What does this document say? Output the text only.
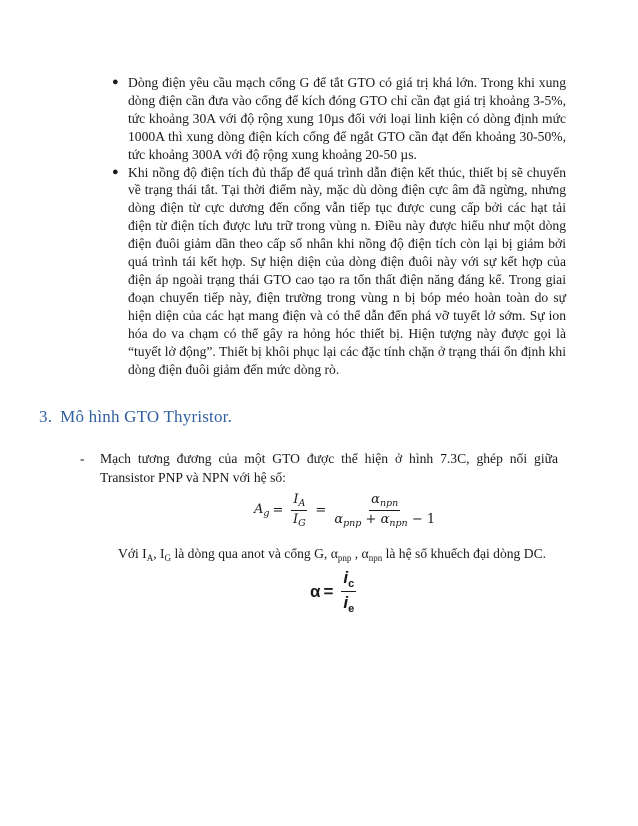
● Dòng điện yêu cầu mạch cổng G để tắt GTO có giá trị khá lớn. Trong khi xung dòng điện cần đưa vào cổng để kích đóng GTO chỉ cần đạt giá trị khoảng 3-5%, tức khoảng 30A với độ rộng xung 10µs đối với loại linh kiện có dòng định mức 1000A thì xung dòng điện kích cổng để ngắt GTO cần đạt đến khoảng 30-50%, tức khoảng 300A với độ rộng xung khoảng 20-50 µs.
● Khi nồng độ điện tích đủ thấp để quá trình dẫn điện kết thúc, thiết bị sẽ chuyển về trạng thái tắt. Tại thời điểm này, mặc dù dòng điện cực âm đã ngừng, nhưng dòng điện từ cực dương đến cổng vẫn tiếp tục được cung cấp bởi các hạt tải điện từ điện tích được lưu trữ trong vùng n. Điều này được hiểu như một dòng điện đuôi giảm dần theo cấp số nhân khi nồng độ điện tích còn lại bị giảm bởi quá trình tái kết hợp. Sự hiện diện của dòng điện đuôi này với sự kết hợp của điện áp ngoài trạng thái GTO cao tạo ra tổn thất điện năng đáng kể. Trong giai đoạn chuyển tiếp này, điện trường trong vùng n bị bóp méo hoàn toàn do sự hiện diện của các hạt mang điện và có thể dẫn đến phá vỡ tuyết lở sớm. Sự ion hóa do va chạm có thể gây ra hỏng hóc thiết bị. Hiện tượng này được gọi là “tuyết lở động”. Thiết bị khôi phục lại các đặc tính chặn ở trạng thái ổn định khi dòng điện đuôi giảm đến mức dòng rò.
3. Mô hình GTO Thyristor.
-	Mạch tương đương của một GTO được thể hiện ở hình 7.3C, ghép nối giữa Transistor PNP và NPN với hệ số:
$A_g = \frac{I_A}{I_G} = \frac{\alpha_{npn}}{\alpha_{pnp} + \alpha_{npn} - 1}$
Với $I_A$, $I_G$ là dòng qua anot và cổng G, $\alpha_{pnp}$ , $\alpha_{npn}$ là hệ số khuếch đại dòng DC.
$\alpha = \frac{i_c}{i_e}$
